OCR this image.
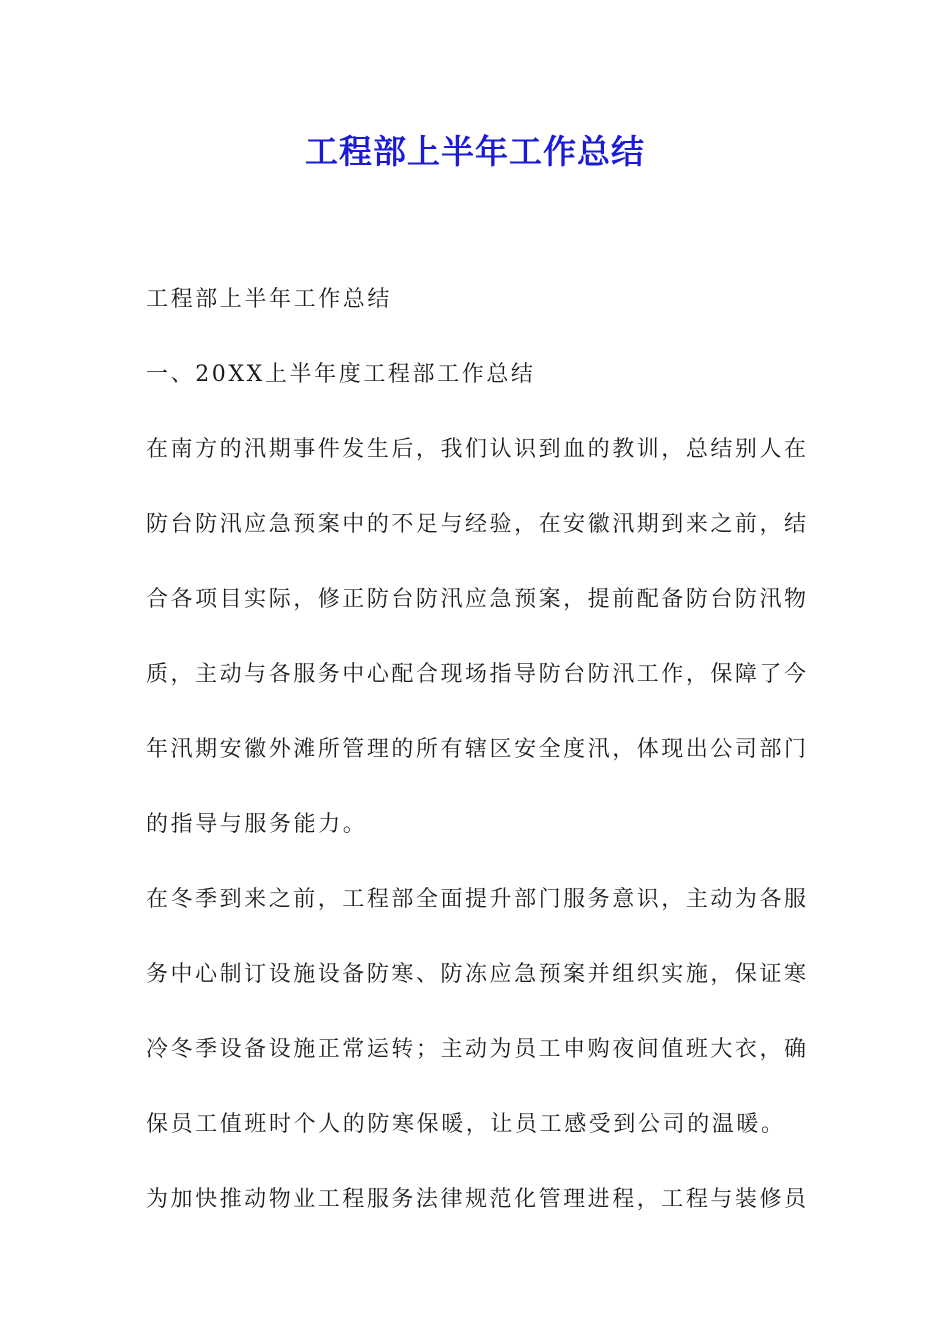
工程部上半年工作总结
工程部上半年工作总结
一、20XX上半年度工程部工作总结
在南方的汛期事件发生后，我们认识到血的教训，总结别人在
防台防汛应急预案中的不足与经验，在安徽汛期到来之前，结
合各项目实际，修正防台防汛应急预案，提前配备防台防汛物
质，主动与各服务中心配合现场指导防台防汛工作，保障了今
年汛期安徽外滩所管理的所有辖区安全度汛，体现出公司部门
的指导与服务能力。
在冬季到来之前，工程部全面提升部门服务意识，主动为各服
务中心制订设施设备防寒、防冻应急预案并组织实施，保证寒
冷冬季设备设施正常运转；主动为员工申购夜间值班大衣，确
保员工值班时个人的防寒保暖，让员工感受到公司的温暖。
为加快推动物业工程服务法律规范化管理进程，工程与装修员
